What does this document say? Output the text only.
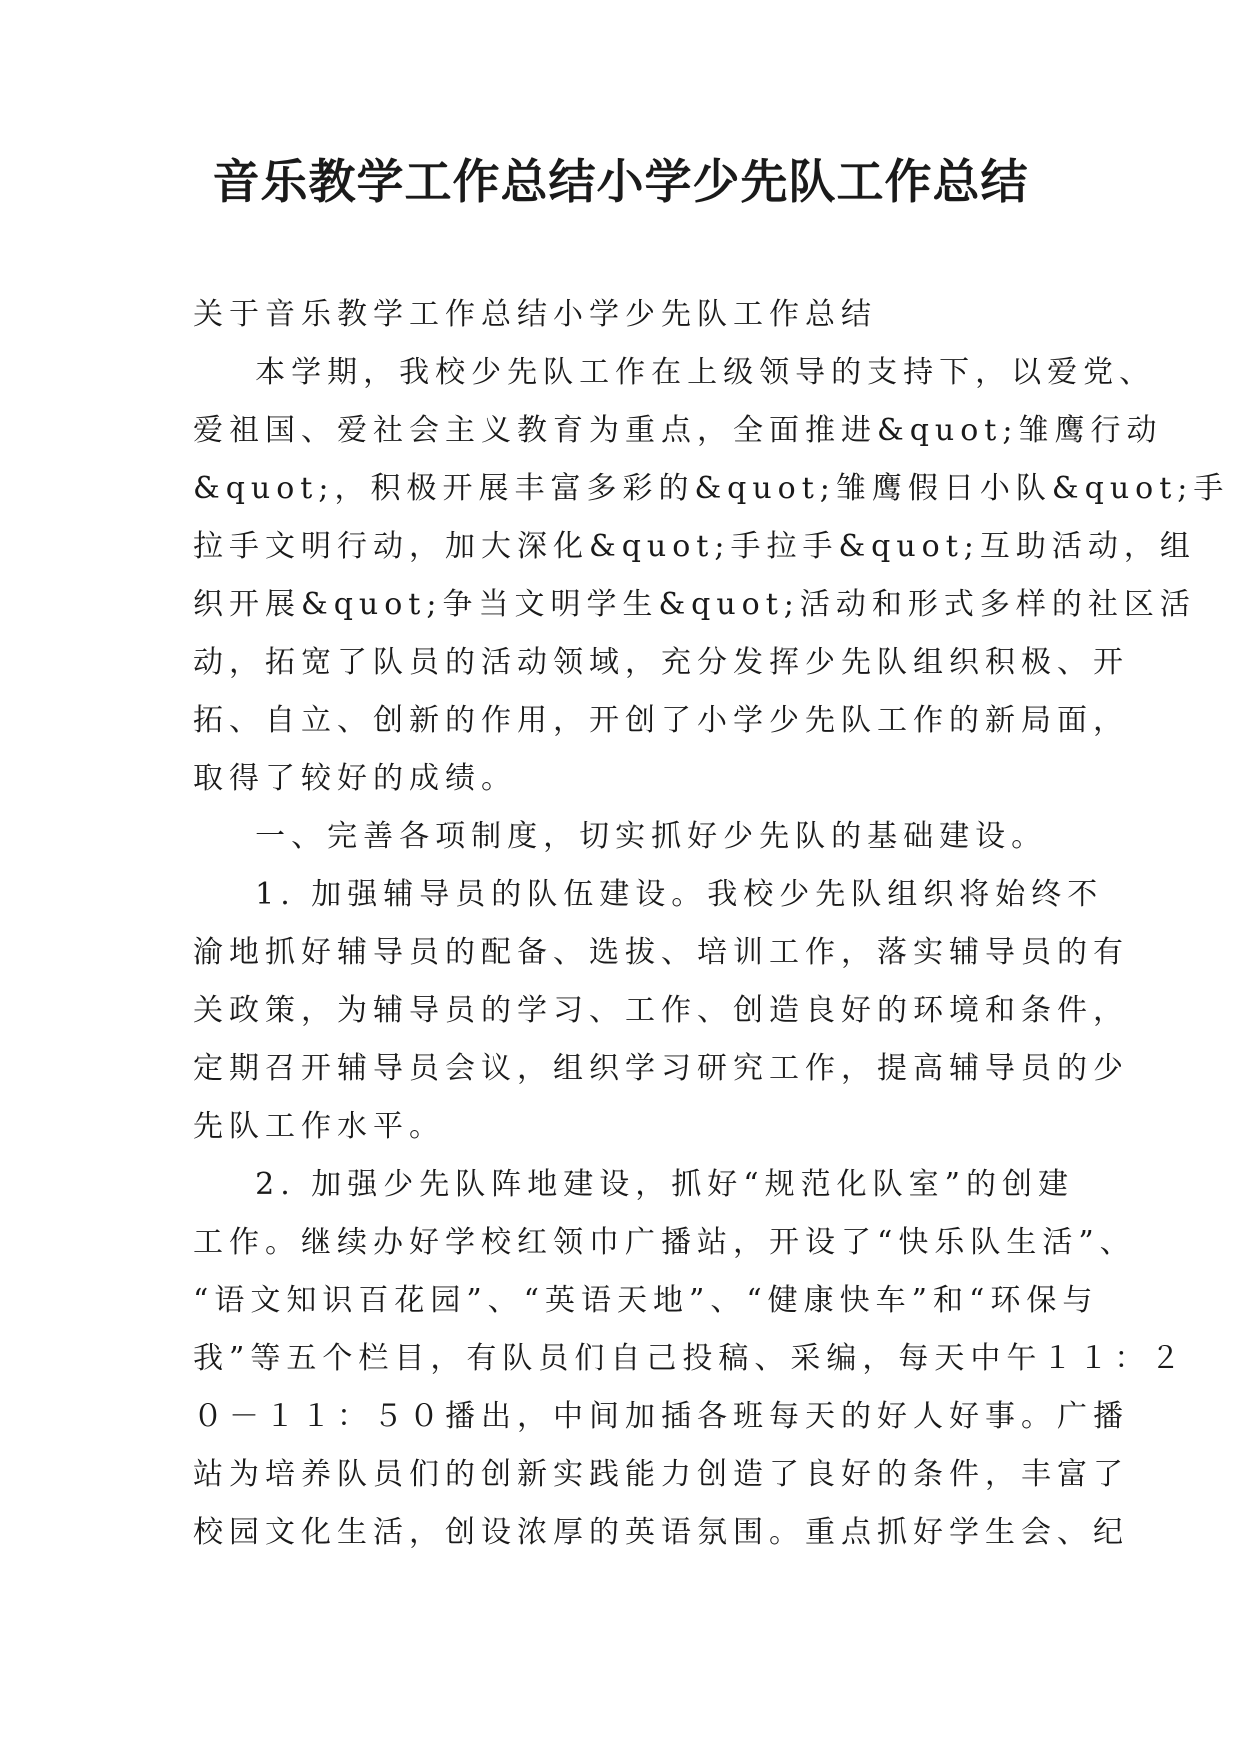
音乐教学工作总结小学少先队工作总结
关于音乐教学工作总结小学少先队工作总结
本学期，我校少先队工作在上级领导的支持下，以爱党、
爱祖国、爱社会主义教育为重点，全面推进&quot;雏鹰行动
&quot;，积极开展丰富多彩的&quot;雏鹰假日小队&quot;手
拉手文明行动，加大深化&quot;手拉手&quot;互助活动，组
织开展&quot;争当文明学生&quot;活动和形式多样的社区活
动，拓宽了队员的活动领域，充分发挥少先队组织积极、开
拓、自立、创新的作用，开创了小学少先队工作的新局面，
取得了较好的成绩。
一、完善各项制度，切实抓好少先队的基础建设。
1. 加强辅导员的队伍建设。我校少先队组织将始终不
渝地抓好辅导员的配备、选拔、培训工作，落实辅导员的有
关政策，为辅导员的学习、工作、创造良好的环境和条件，
定期召开辅导员会议，组织学习研究工作，提高辅导员的少
先队工作水平。
2. 加强少先队阵地建设，抓好“规范化队室”的创建
工作。继续办好学校红领巾广播站，开设了“快乐队生活”、
“语文知识百花园”、“英语天地”、“健康快车”和“环保与
我”等五个栏目，有队员们自己投稿、采编，每天中午１１：２
０－１１：５０播出，中间加插各班每天的好人好事。广播
站为培养队员们的创新实践能力创造了良好的条件，丰富了
校园文化生活，创设浓厚的英语氛围。重点抓好学生会、纪
